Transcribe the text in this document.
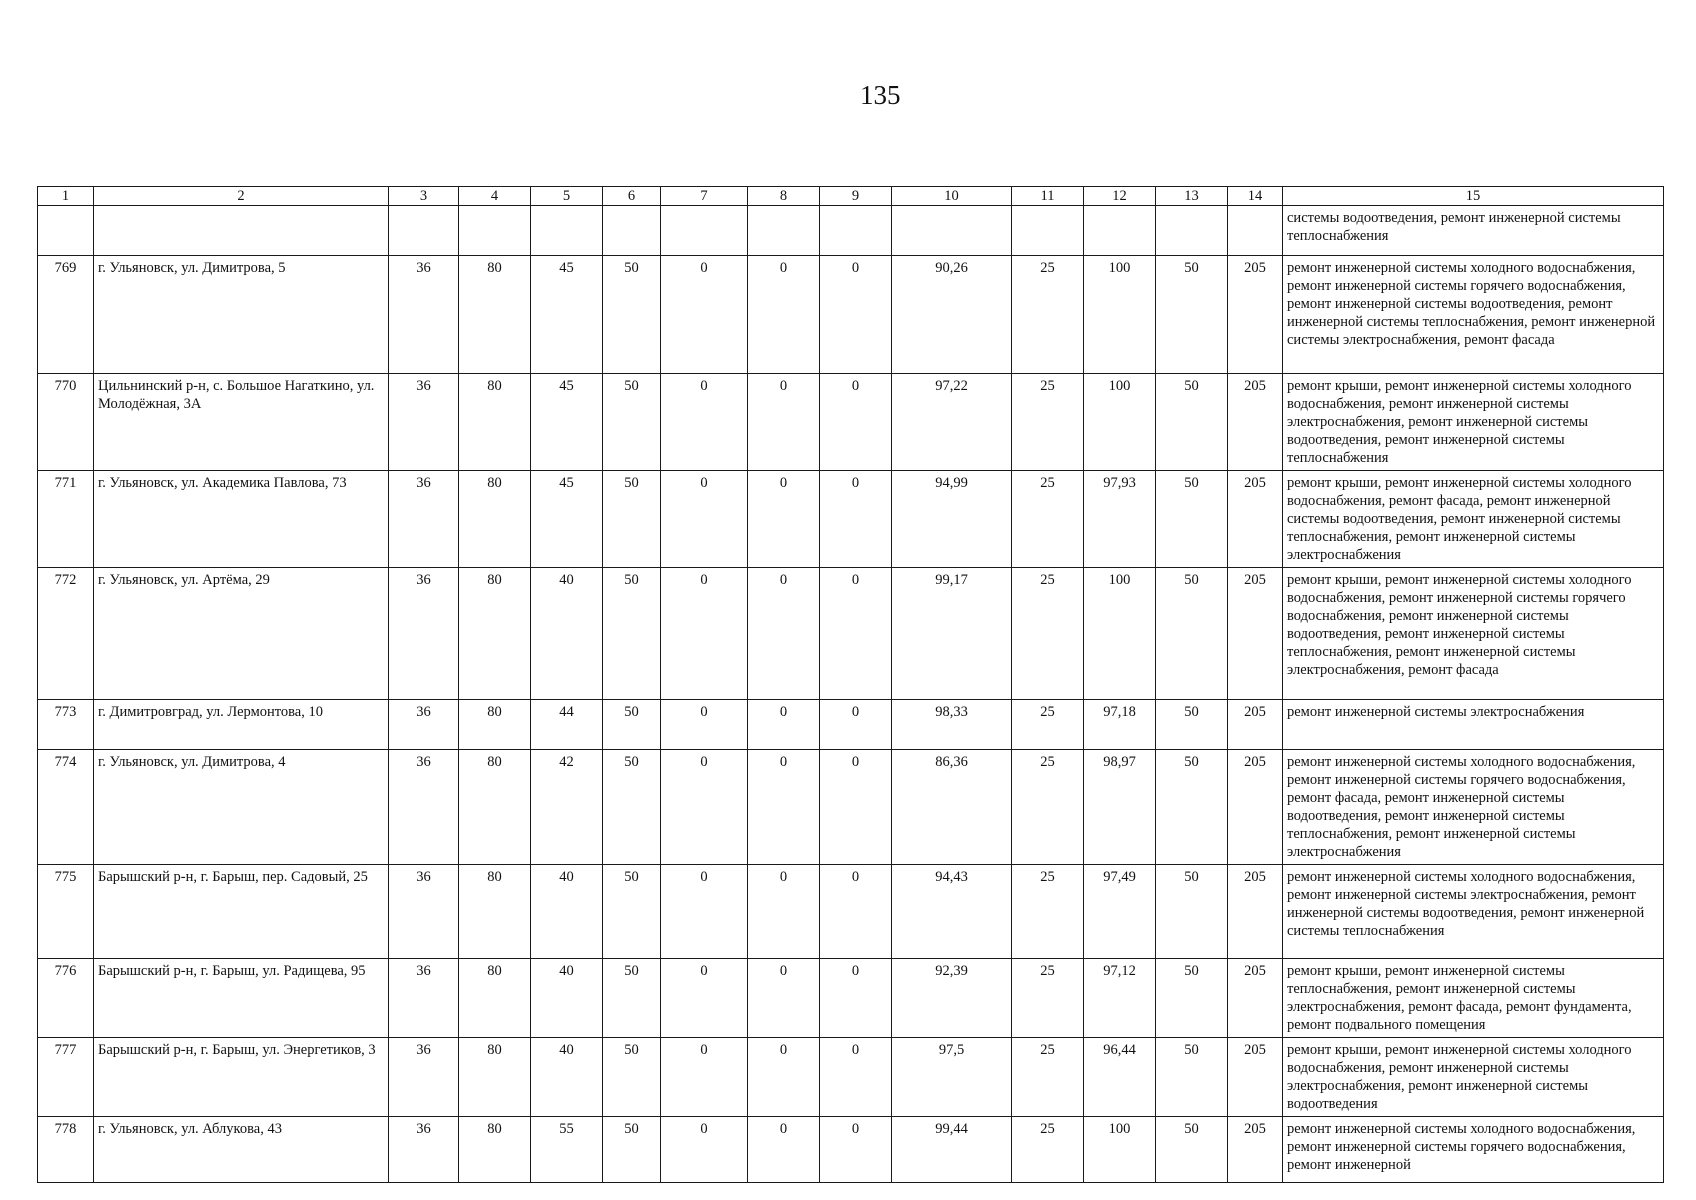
135
1	2	3	4	5	6	7	8	9	10	11	12	13	14	15
														системы водоотведения, ремонт инженерной системы теплоснабжения
769	г. Ульяновск, ул. Димитрова, 5	36	80	45	50	0	0	0	90,26	25	100	50	205	ремонт инженерной системы холодного водоснабжения, ремонт инженерной системы горячего водоснабжения, ремонт инженерной системы водоотведения, ремонт инженерной системы теплоснабжения, ремонт инженерной системы электроснабжения, ремонт фасада
770	Цильнинский р-н, с. Большое Нагаткино, ул. Молодёжная, 3А	36	80	45	50	0	0	0	97,22	25	100	50	205	ремонт крыши, ремонт инженерной системы холодного водоснабжения, ремонт инженерной системы электроснабжения, ремонт инженерной системы водоотведения, ремонт инженерной системы теплоснабжения
771	г. Ульяновск, ул. Академика Павлова, 73	36	80	45	50	0	0	0	94,99	25	97,93	50	205	ремонт крыши, ремонт инженерной системы холодного водоснабжения, ремонт фасада, ремонт инженерной системы водоотведения, ремонт инженерной системы теплоснабжения, ремонт инженерной системы электроснабжения
772	г. Ульяновск, ул. Артёма, 29	36	80	40	50	0	0	0	99,17	25	100	50	205	ремонт крыши, ремонт инженерной системы холодного водоснабжения, ремонт инженерной системы горячего водоснабжения, ремонт инженерной системы водоотведения, ремонт инженерной системы теплоснабжения, ремонт инженерной системы электроснабжения, ремонт фасада
773	г. Димитровград, ул. Лермонтова, 10	36	80	44	50	0	0	0	98,33	25	97,18	50	205	ремонт инженерной системы электроснабжения
774	г. Ульяновск, ул. Димитрова, 4	36	80	42	50	0	0	0	86,36	25	98,97	50	205	ремонт инженерной системы холодного водоснабжения, ремонт инженерной системы горячего водоснабжения, ремонт фасада, ремонт инженерной системы водоотведения, ремонт инженерной системы теплоснабжения, ремонт инженерной системы электроснабжения
775	Барышский р-н, г. Барыш, пер. Садовый, 25	36	80	40	50	0	0	0	94,43	25	97,49	50	205	ремонт инженерной системы холодного водоснабжения, ремонт инженерной системы электроснабжения, ремонт инженерной системы водоотведения, ремонт инженерной системы теплоснабжения
776	Барышский р-н, г. Барыш, ул. Радищева, 95	36	80	40	50	0	0	0	92,39	25	97,12	50	205	ремонт крыши, ремонт инженерной системы теплоснабжения, ремонт инженерной системы электроснабжения, ремонт фасада, ремонт фундамента, ремонт подвального помещения
777	Барышский р-н, г. Барыш, ул. Энергетиков, 3	36	80	40	50	0	0	0	97,5	25	96,44	50	205	ремонт крыши, ремонт инженерной системы холодного водоснабжения, ремонт инженерной системы электроснабжения, ремонт инженерной системы водоотведения
778	г. Ульяновск, ул. Аблукова, 43	36	80	55	50	0	0	0	99,44	25	100	50	205	ремонт инженерной системы холодного водоснабжения, ремонт инженерной системы горячего водоснабжения, ремонт инженерной
